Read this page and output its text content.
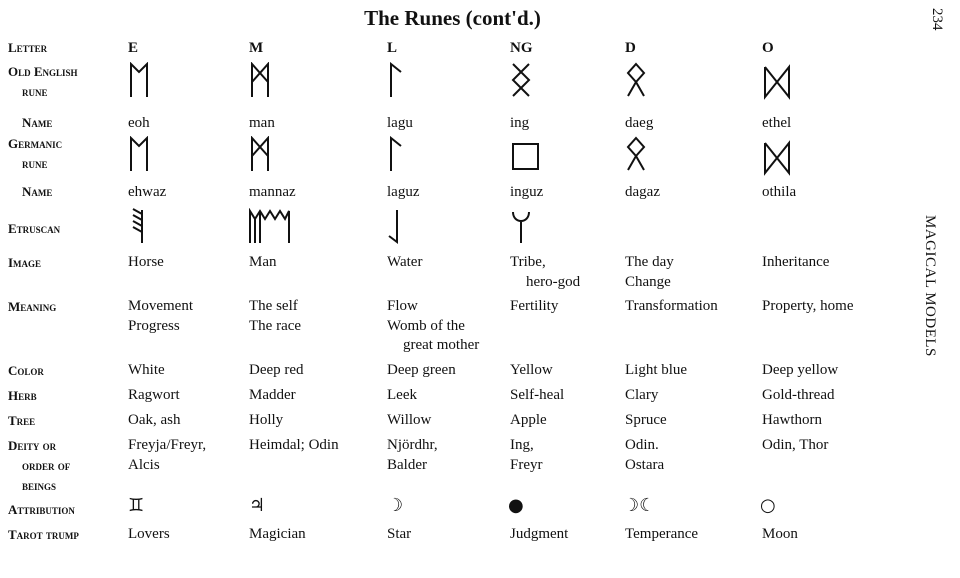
The Runes (cont'd.)	234
MAGICAL MODELS
Letter
Old English
rune
Name
Germanic
rune
Name
Etruscan
Image
Meaning
Color
Herb
Tree
Deity or
order of
beings
Attribution
Tarot trump
E
eoh
ehwaz
Horse
Movement
Progress
White
Ragwort
Oak, ash
Freyja/Freyr,
Alcis
♊
Lovers
M
man
mannaz
Man
The self
The race
Deep red
Madder
Holly
Heimdal; Odin
♃
Magician
L
lagu
laguz
Water
Flow
Womb of the
great mother
Deep green
Leek
Willow
Njördhr,
Balder
☽
Star
NG
ing
inguz
Tribe,
hero-god
Fertility
Yellow
Self-heal
Apple
Ing,
Freyr
●
Judgment
D
daeg
dagaz
The day
Change
Transformation
Light blue
Clary
Spruce
Odin.
Ostara
☽☾
Temperance
O
ethel
othila
Inheritance
Property, home
Deep yellow
Gold-thread
Hawthorn
Odin, Thor
○
Moon
